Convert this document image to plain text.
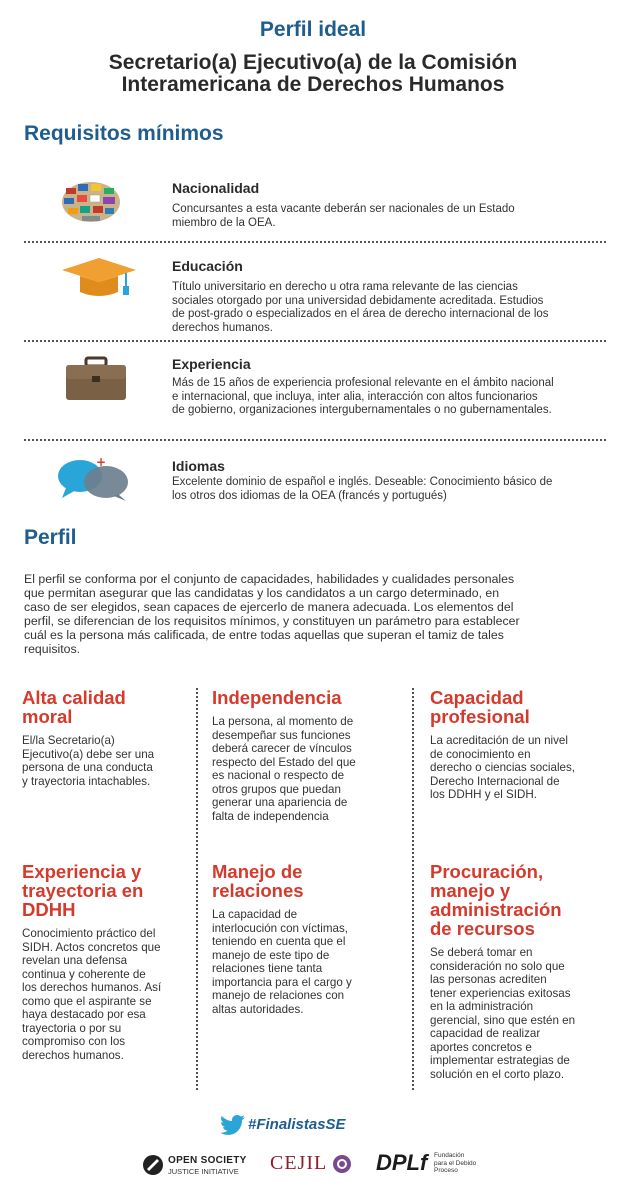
Perfil ideal
Secretario(a) Ejecutivo(a) de la Comisión
Interamericana de Derechos Humanos
Requisitos mínimos
Nacionalidad
Concursantes a esta vacante deberán ser nacionales de un Estado
miembro de la OEA.
Educación
Título universitario en derecho u otra rama relevante de las ciencias
sociales otorgado por una universidad debidamente acreditada. Estudios
de post-grado o especializados en el área de derecho internacional de los
derechos humanos.
Experiencia
Más de 15 años de experiencia profesional relevante en el ámbito nacional
e internacional, que incluya, inter alia, interacción con altos funcionarios
de gobierno, organizaciones intergubernamentales o no gubernamentales.
+	Idiomas
Excelente dominio de español e inglés. Deseable: Conocimiento básico de
los otros dos idiomas de la OEA (francés y portugués)
Perfil
El perfil se conforma por el conjunto de capacidades, habilidades y cualidades personales
que permitan asegurar que las candidatas y los candidatos a un cargo determinado, en
caso de ser elegidos, sean capaces de ejercerlo de manera adecuada. Los elementos del
perfil, se diferencian de los requisitos mínimos, y constituyen un parámetro para establecer
cuál es la persona más calificada, de entre todas aquellas que superan el tamiz de tales
requisitos.
Alta calidad
moral
El/la Secretario(a)
Ejecutivo(a) debe ser una
persona de una conducta
y trayectoria intachables.
Independencia
La persona, al momento de
desempeñar sus funciones
deberá carecer de vínculos
respecto del Estado del que
es nacional o respecto de
otros grupos que puedan
generar una apariencia de
falta de independencia
Capacidad
profesional
La acreditación de un nivel
de conocimiento en
derecho o ciencias sociales,
Derecho Internacional de
los DDHH y el SIDH.
Experiencia y
trayectoria en
DDHH
Conocimiento práctico del
SIDH. Actos concretos que
revelan una defensa
continua y coherente de
los derechos humanos. Así
como que el aspirante se
haya destacado por esa
trayectoria o por su
compromiso con los
derechos humanos.
Manejo de
relaciones
La capacidad de
interlocución con víctimas,
teniendo en cuenta que el
manejo de este tipo de
relaciones tiene tanta
importancia para el cargo y
manejo de relaciones con
altas autoridades.
Procuración,
manejo y
administración
de recursos
Se deberá tomar en
consideración no solo que
las personas acrediten
tener experiencias exitosas
en la administración
gerencial, sino que estén en
capacidad de realizar
aportes concretos e
implementar estrategias de
solución en el corto plazo.
#FinalistasSE
OPEN SOCIETY
JUSTICE INITIATIVE CEJIL DPLf Fundación
para el Debido
Proceso
